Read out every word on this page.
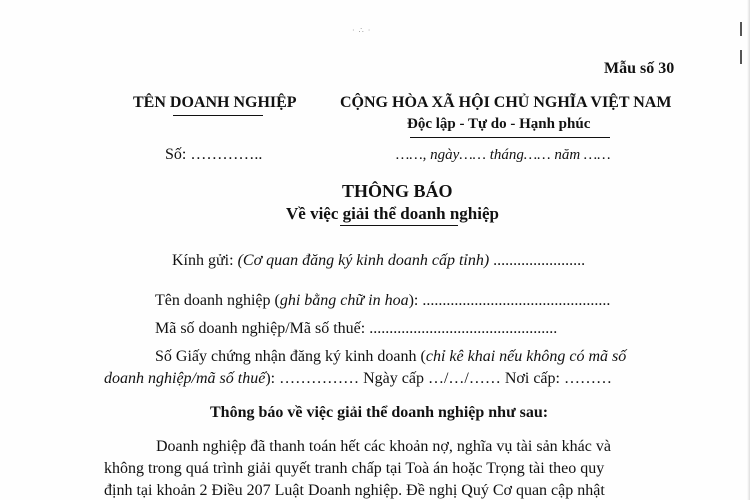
· ∴ ·
Mẫu số 30
TÊN DOANH NGHIỆP	CỘNG HÒA XÃ HỘI CHỦ NGHĨA VIỆT NAM
Độc lập - Tự do - Hạnh phúc
Số: …………..	……, ngày…… tháng…… năm ……
THÔNG BÁO
Về việc giải thể doanh nghiệp
Kính gửi: (Cơ quan đăng ký kinh doanh cấp tỉnh) .......................
Tên doanh nghiệp (ghi bằng chữ in hoa): ...............................................
Mã số doanh nghiệp/Mã số thuế: ...............................................
Số Giấy chứng nhận đăng ký kinh doanh (chỉ kê khai nếu không có mã số
doanh nghiệp/mã số thuế): …………… Ngày cấp …/…/…… Nơi cấp: ………
Thông báo về việc giải thể doanh nghiệp như sau:
Doanh nghiệp đã thanh toán hết các khoản nợ, nghĩa vụ tài sản khác và
không trong quá trình giải quyết tranh chấp tại Toà án hoặc Trọng tài theo quy
định tại khoản 2 Điều 207 Luật Doanh nghiệp. Đề nghị Quý Cơ quan cập nhật
